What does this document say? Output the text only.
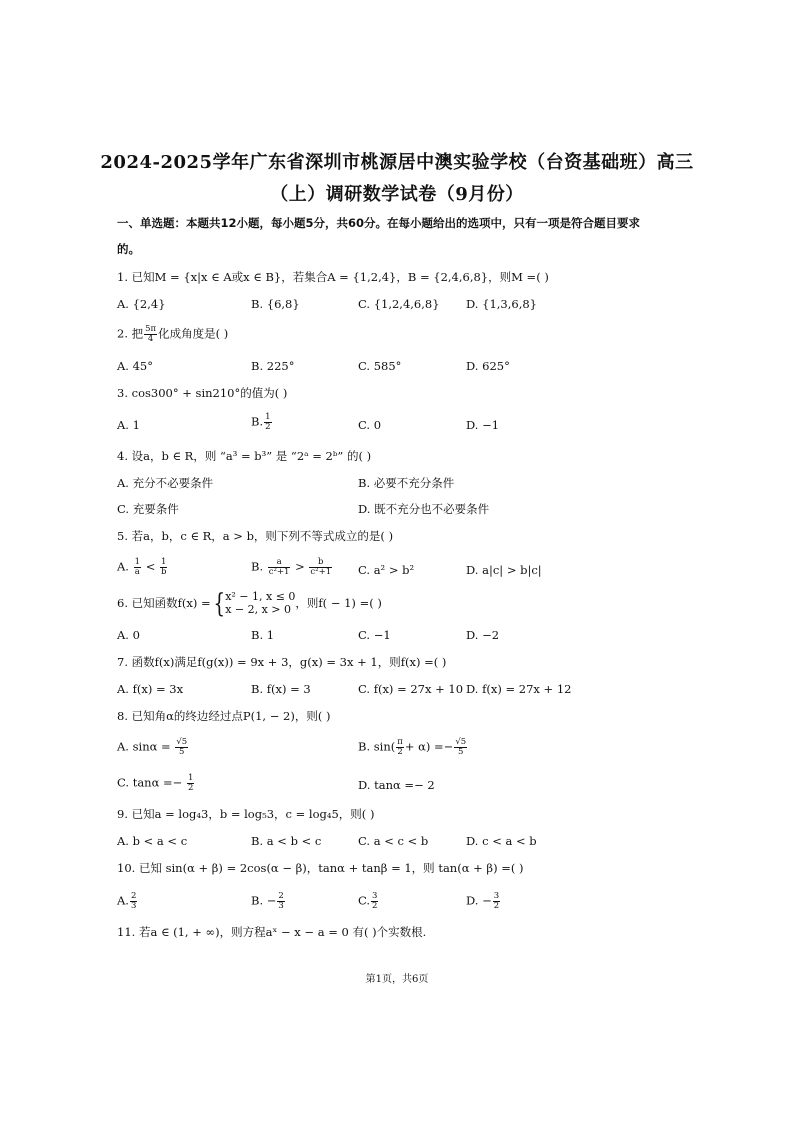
2024-2025学年广东省深圳市桃源居中澳实验学校（台资基础班）高三
（上）调研数学试卷（9月份）
一、单选题：本题共12小题，每小题5分，共60分。在每小题给出的选项中，只有一项是符合题目要求
的。
1. 已知M = {x|x ∈ A或x ∈ B}，若集合A = {1,2,4}，B = {2,4,6,8}，则M =( )
A. {2,4}	B. {6,8}	C. {1,2,4,6,8} D. {1,3,6,8}
2. 把 $\frac{5\pi}{4}$ 化成角度是( )
A. 45°	B. 225°	C. 585°	D. 625°
3. cos300° + sin210°的值为( )
A. 1	B. $\frac{1}{2}$	C. 0	D. −1
4. 设a，b ∈ R，则 “a³ = b³” 是 “2ᵃ = 2ᵇ” 的( )
A. 充分不必要条件	B. 必要不充分条件
C. 充要条件	D. 既不充分也不必要条件
5. 若a，b，c ∈ R，a > b，则下列不等式成立的是( )
A. $\frac{1}{a} < \frac{1}{b}$	B. $\frac{a}{\text{c²+1}} > \frac{b}{\text{c²+1}} C$. a² > b²	D. a|c| > b|c|
6. 已知函数f(x) ={ x² − 1, x ≤ 0
x − 2, x > 0 ，则f( − 1) =( )
A. 0	B. 1	C. −1	D. −2
7. 函数f(x)满足f(g(x)) = 9x + 3，g(x) = 3x + 1，则f(x) =( )
A. f(x) = 3x	B. f(x) = 3	C. f(x) = 27x + 10 D. f(x) = 27x + 12
8. 已知角α的终边经过点P(1, − 2)，则( )
A. $\sin\alpha = \frac{√5}{5}$	B. $\sin( \frac{\pi}{2} + \alpha) =- \frac{√5}{5}$
C. $\tan\alpha =- \frac{1}{2}$	D. tanα =− 2
9. 已知a = log₄3，b = log₅3，c = log₄5，则( )
A. b < a < c	B. a < b < c	C. a < c < b	D. c < a < b
10. 已知 sin(α + β) = 2cos(α − β)，tanα + tanβ = 1，则 tan(α + β) =( )
A. $\frac{2}{3}$	B. − $\frac{2}{3}$	C. $\frac{3}{2}$	D. − $\frac{3}{2}$
11. 若a ∈ (1, + ∞)，则方程aˣ − x − a = 0 有( )个实数根.
第1页，共6页
